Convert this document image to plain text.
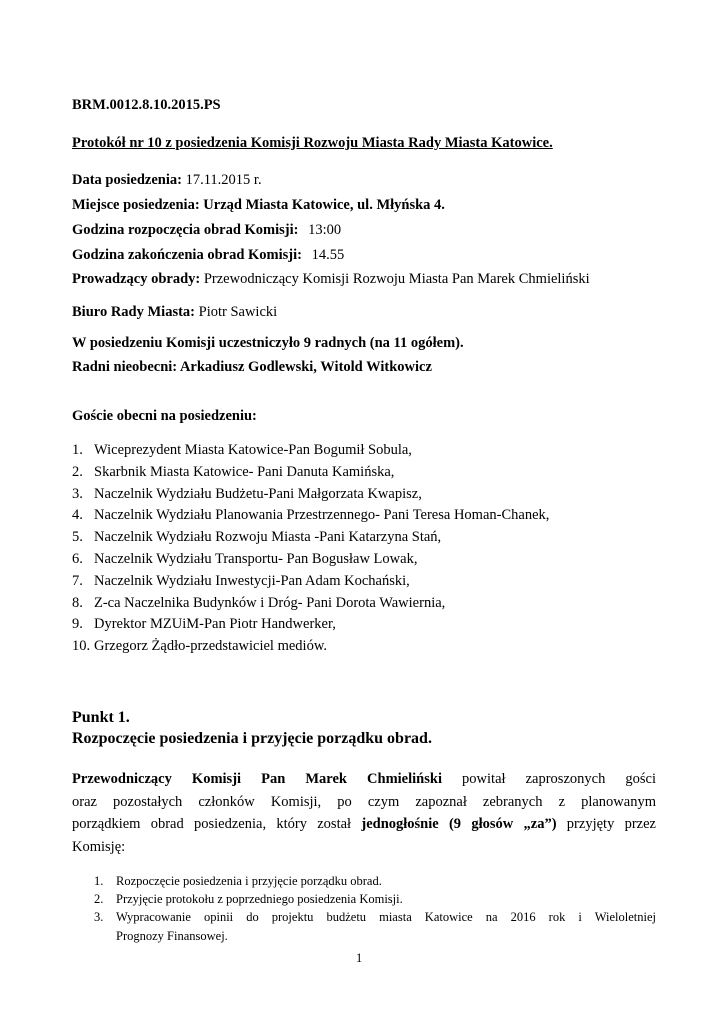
BRM.0012.8.10.2015.PS
Protokół nr 10 z posiedzenia Komisji Rozwoju Miasta Rady Miasta Katowice.
Data posiedzenia: 17.11.2015 r.
Miejsce posiedzenia: Urząd Miasta Katowice, ul. Młyńska 4.
Godzina rozpoczęcia obrad Komisji: 13:00
Godzina zakończenia obrad Komisji: 14.55
Prowadzący obrady: Przewodniczący Komisji Rozwoju Miasta Pan Marek Chmieliński
Biuro Rady Miasta: Piotr Sawicki
W posiedzeniu Komisji uczestniczyło 9 radnych (na 11 ogółem).
Radni nieobecni: Arkadiusz Godlewski, Witold Witkowicz
Goście obecni na posiedzeniu:
1. Wiceprezydent Miasta Katowice-Pan Bogumił Sobula,
2. Skarbnik Miasta Katowice- Pani Danuta Kamińska,
3. Naczelnik Wydziału Budżetu-Pani Małgorzata Kwapisz,
4. Naczelnik Wydziału Planowania Przestrzennego- Pani Teresa Homan-Chanek,
5. Naczelnik Wydziału Rozwoju Miasta -Pani Katarzyna Stań,
6. Naczelnik Wydziału Transportu- Pan Bogusław Lowak,
7. Naczelnik Wydziału Inwestycji-Pan Adam Kochański,
8. Z-ca Naczelnika Budynków i Dróg- Pani Dorota Wawiernia,
9. Dyrektor MZUiM-Pan Piotr Handwerker,
10. Grzegorz Żądło-przedstawiciel mediów.
Punkt 1.
Rozpoczęcie posiedzenia i przyjęcie porządku obrad.
Przewodniczący Komisji Pan Marek Chmieliński powitał zaproszonych gości
oraz pozostałych członków Komisji, po czym zapoznał zebranych z planowanym
porządkiem obrad posiedzenia, który został jednogłośnie (9 głosów „za”) przyjęty przez
Komisję:
1. Rozpoczęcie posiedzenia i przyjęcie porządku obrad.
2. Przyjęcie protokołu z poprzedniego posiedzenia Komisji.
3. Wypracowanie opinii do projektu budżetu miasta Katowice na 2016 rok i Wieloletniej
Prognozy Finansowej.
1
